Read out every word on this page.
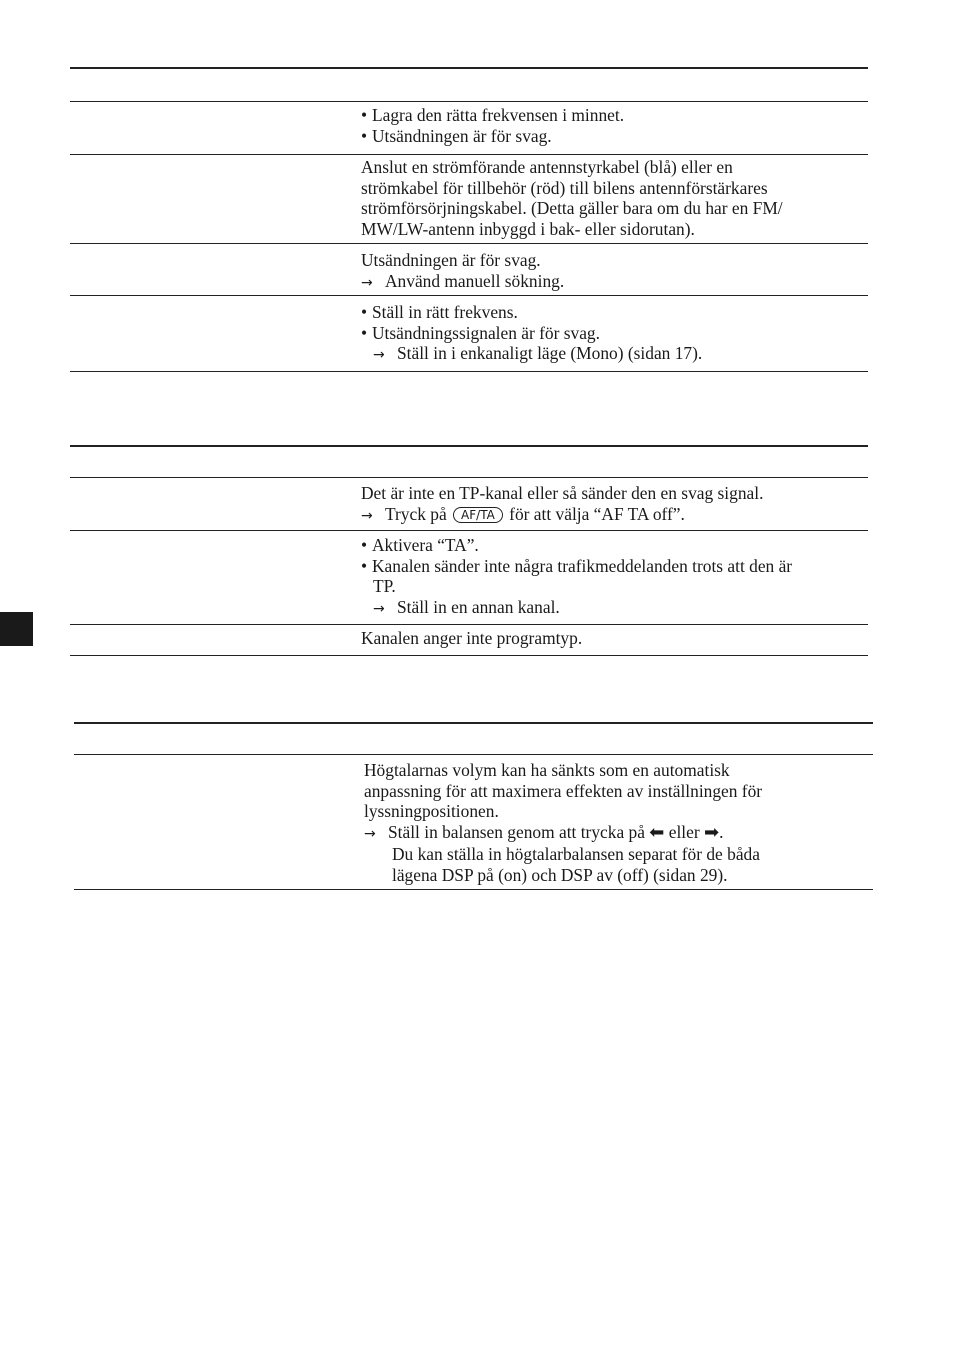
• Lagra den rätta frekvensen i minnet.
• Utsändningen är för svag.
Anslut en strömförande antennstyrkabel (blå) eller en
strömkabel för tillbehör (röd) till bilens antennförstärkares
strömförsörjningskabel. (Detta gäller bara om du har en FM/
MW/LW-antenn inbyggd i bak- eller sidorutan).
Utsändningen är för svag.
→ Använd manuell sökning.
• Ställ in rätt frekvens.
• Utsändningssignalen är för svag.
→ Ställ in i enkanaligt läge (Mono) (sidan 17).
Det är inte en TP-kanal eller så sänder den en svag signal.
→ Tryck på AF/TA för att välja “AF TA off”.
• Aktivera “TA”.
• Kanalen sänder inte några trafikmeddelanden trots att den är
TP.
→ Ställ in en annan kanal.
Kanalen anger inte programtyp.
Högtalarnas volym kan ha sänkts som en automatisk
anpassning för att maximera effekten av inställningen för
lyssningpositionen.
→ Ställ in balansen genom att trycka på ⬅ eller ➡.
Du kan ställa in högtalarbalansen separat för de båda
lägena DSP på (on) och DSP av (off) (sidan 29).
